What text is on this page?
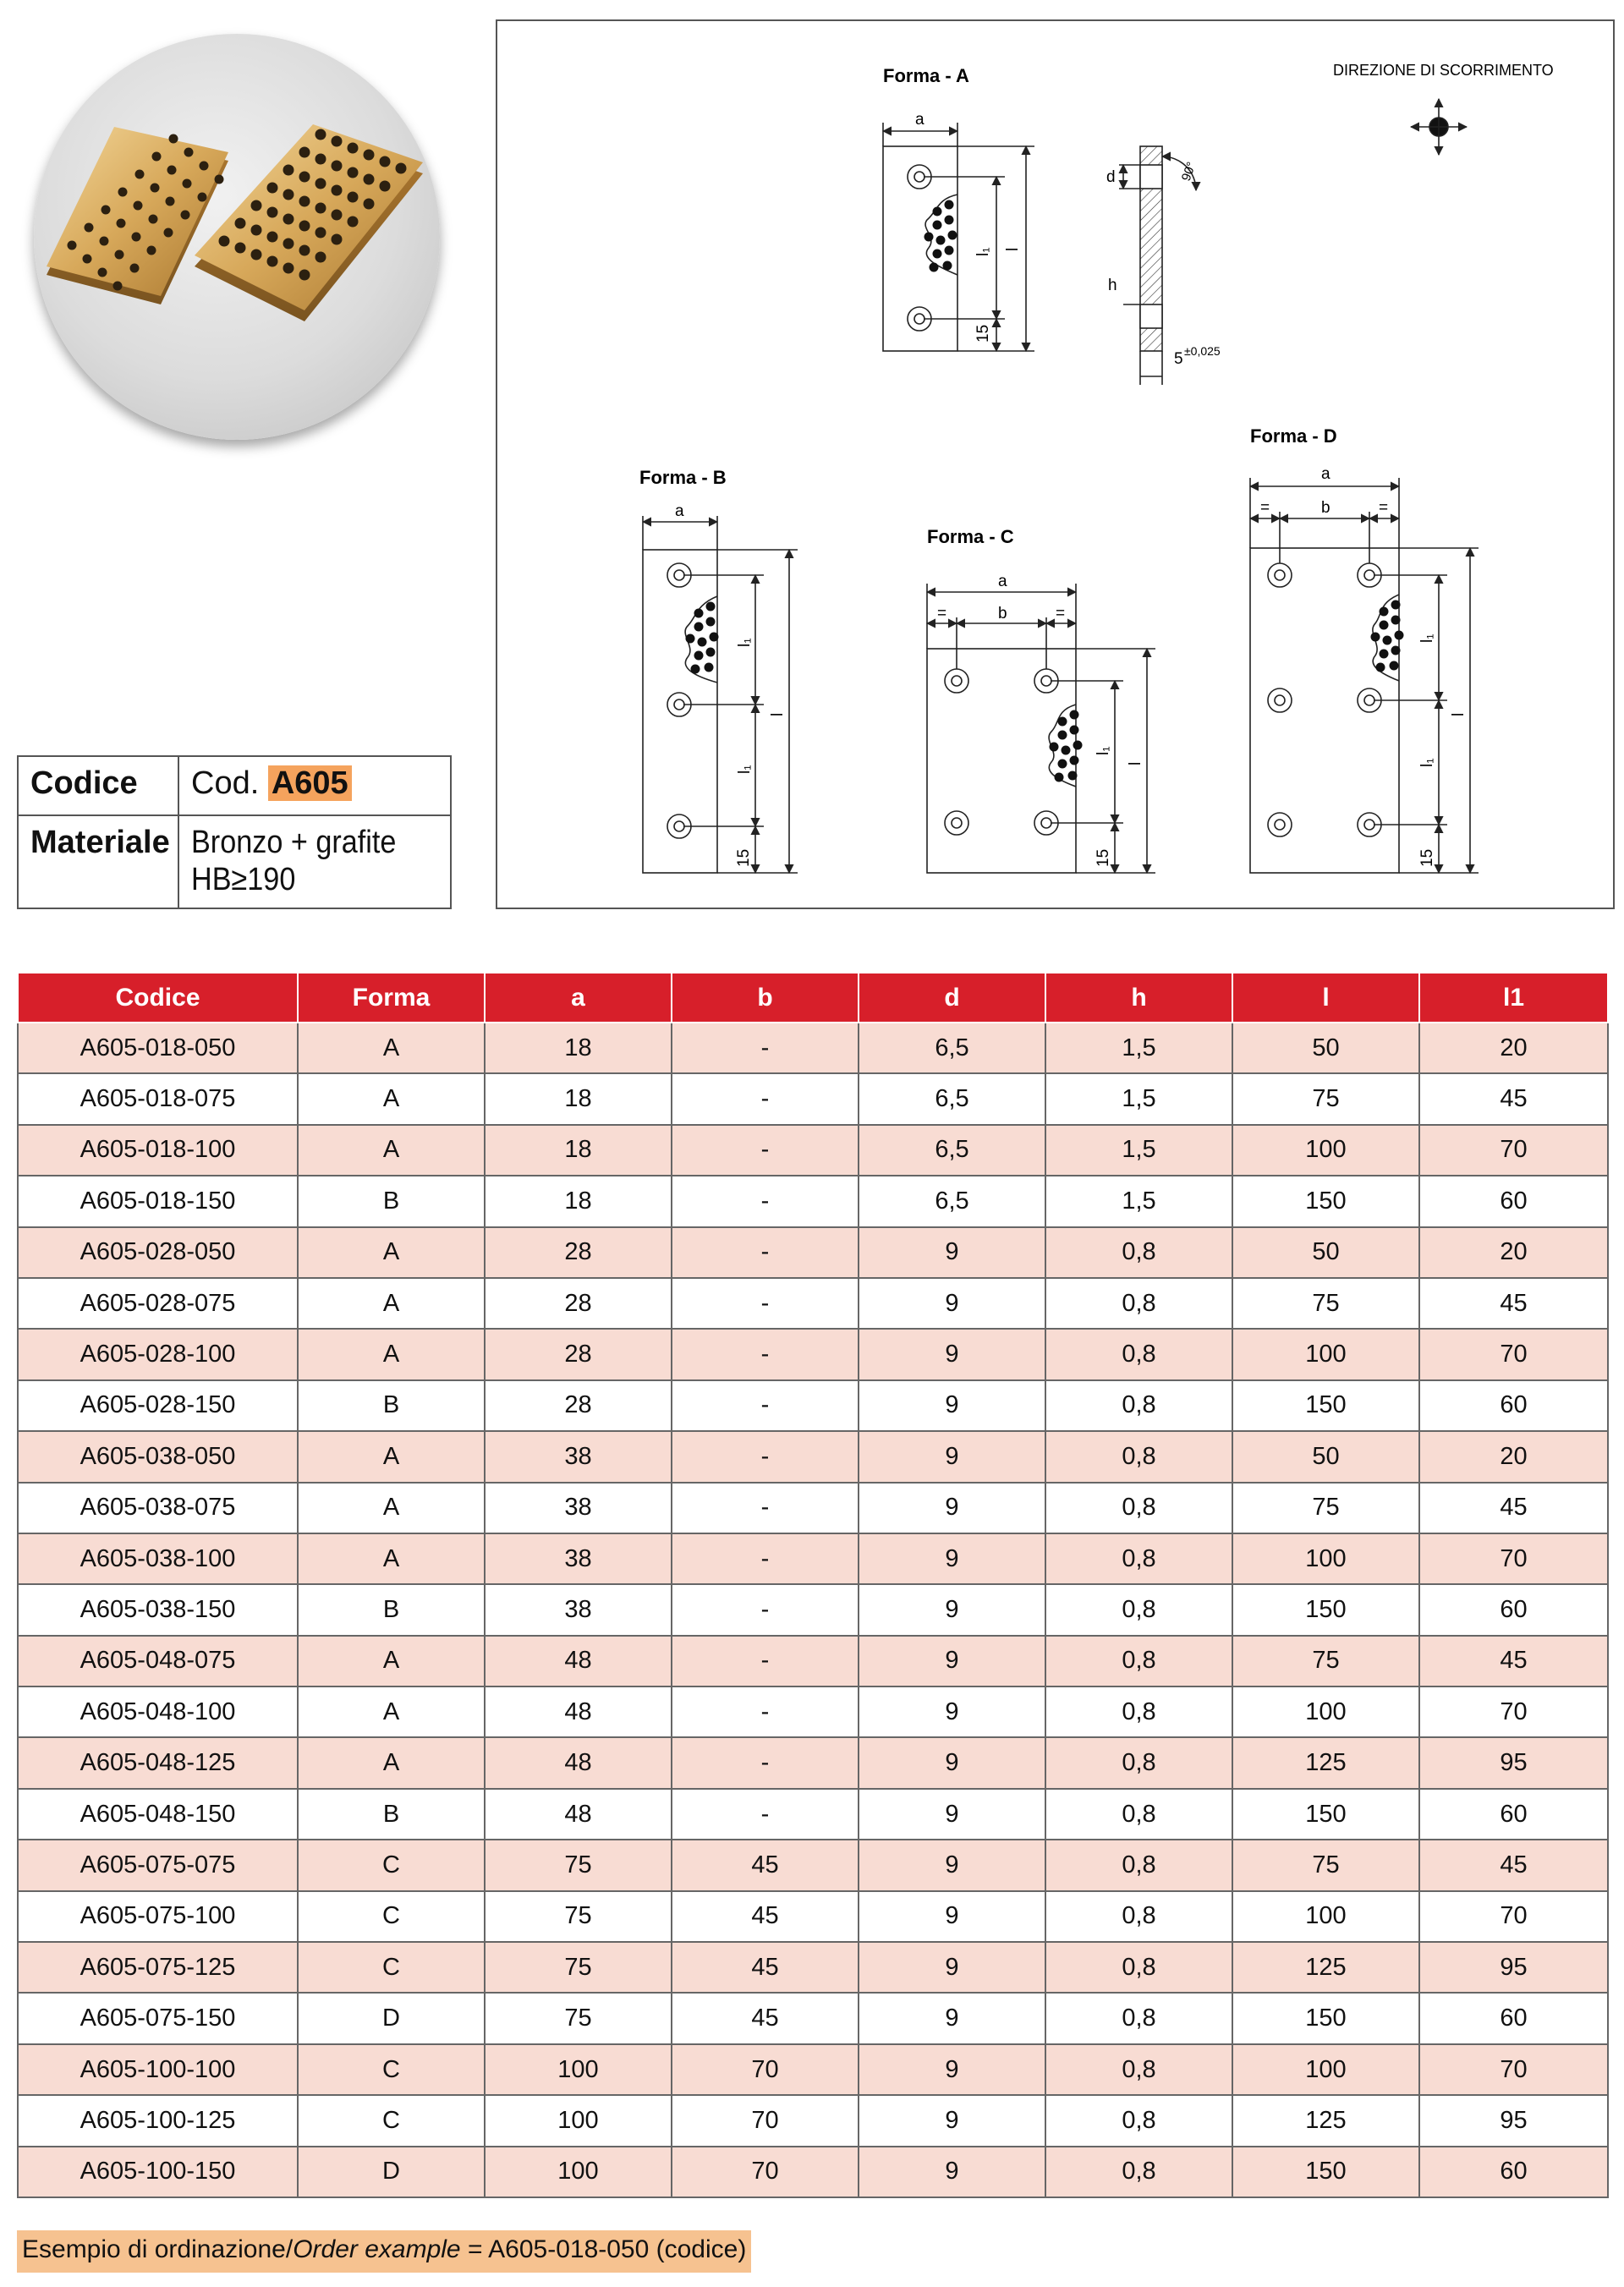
Codice	Cod. A605
Materiale Bronzo + grafite
HB≥190
Forma - A
Forma - B
Forma - C
Forma - D
DIREZIONE DI SCORRIMENTO
a
l₁ l
15
d
h
90°
5 ±0,025
a
l₁
l₁
l
15
a
b
=	=
l₁
l
15
a
b
=	=
l₁
l₁
l
15
Codice	Forma	a	b	d	h	l	l1
A605-018-050	A	18	-	6,5	1,5	50	20
A605-018-075	A	18	-	6,5	1,5	75	45
A605-018-100	A	18	-	6,5	1,5	100	70
A605-018-150	B	18	-	6,5	1,5	150	60
A605-028-050	A	28	-	9	0,8	50	20
A605-028-075	A	28	-	9	0,8	75	45
A605-028-100	A	28	-	9	0,8	100	70
A605-028-150	B	28	-	9	0,8	150	60
A605-038-050	A	38	-	9	0,8	50	20
A605-038-075	A	38	-	9	0,8	75	45
A605-038-100	A	38	-	9	0,8	100	70
A605-038-150	B	38	-	9	0,8	150	60
A605-048-075	A	48	-	9	0,8	75	45
A605-048-100	A	48	-	9	0,8	100	70
A605-048-125	A	48	-	9	0,8	125	95
A605-048-150	B	48	-	9	0,8	150	60
A605-075-075	C	75	45	9	0,8	75	45
A605-075-100	C	75	45	9	0,8	100	70
A605-075-125	C	75	45	9	0,8	125	95
A605-075-150	D	75	45	9	0,8	150	60
A605-100-100	C	100	70	9	0,8	100	70
A605-100-125	C	100	70	9	0,8	125	95
A605-100-150	D	100	70	9	0,8	150	60
Esempio di ordinazione/Order example = A605-018-050 (codice)
